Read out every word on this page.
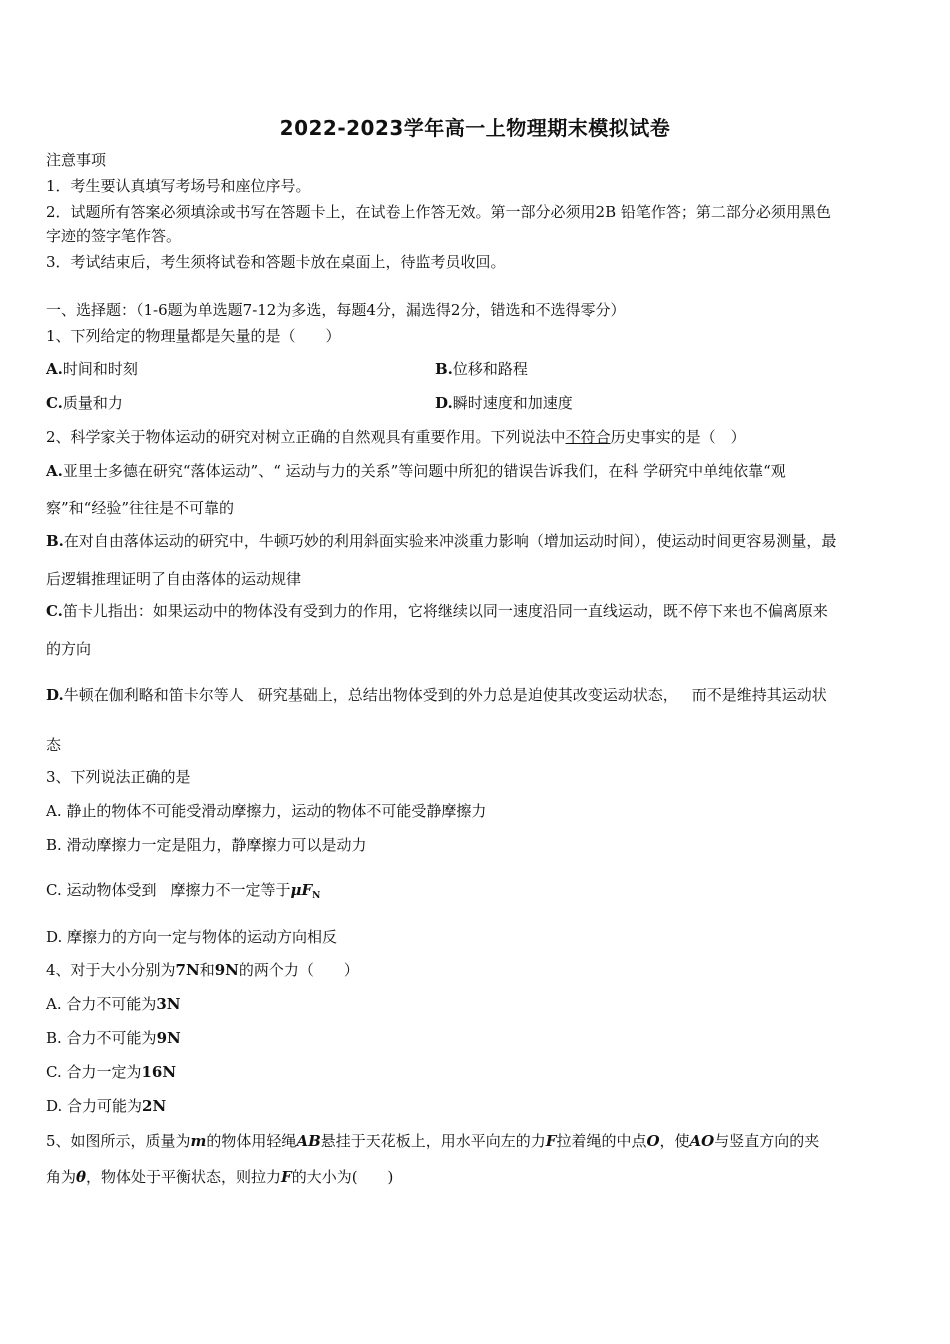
2022-2023学年高一上物理期末模拟试卷
注意事项
1．考生要认真填写考场号和座位序号。
2．试题所有答案必须填涂或书写在答题卡上，在试卷上作答无效。第一部分必须用2B 铅笔作答；第二部分必须用黑色
字迹的签字笔作答。
3．考试结束后，考生须将试卷和答题卡放在桌面上，待监考员收回。
一、选择题：（1-6题为单选题7-12为多选，每题4分，漏选得2分，错选和不选得零分）
1、下列给定的物理量都是矢量的是（　　）
A.时间和时刻	B.位移和路程
C.质量和力	D.瞬时速度和加速度
2、科学家关于物体运动的研究对树立正确的自然观具有重要作用。下列说法中不符合历史事实的是（　）
A.亚里士多德在研究“落体运动”、“ 运动与力的关系”等问题中所犯的错误告诉我们，在科 学研究中单纯依靠“观
察”和“经验”往往是不可靠的
B.在对自由落体运动的研究中，牛顿巧妙的利用斜面实验来冲淡重力影响（增加运动时间），使运动时间更容易测量，最
后逻辑推理证明了自由落体的运动规律
C.笛卡儿指出：如果运动中的物体没有受到力的作用，它将继续以同一速度沿同一直线运动，既不停下来也不偏离原来
的方向
D.牛顿在伽利略和笛卡尔等人 研究基础上，总结出物体受到的外力总是迫使其改变运动状态， 而不是维持其运动状
态
3、下列说法正确的是
A. 静止的物体不可能受滑动摩擦力，运动的物体不可能受静摩擦力
B. 滑动摩擦力一定是阻力，静摩擦力可以是动力
C. 运动物体受到 摩擦力不一定等于$\mu F_N$
D. 摩擦力的方向一定与物体的运动方向相反
4、对于大小分别为7N和9N的两个力（　　）
A. 合力不可能为3N
B. 合力不可能为9N
C. 合力一定为16N
D. 合力可能为2N
5、如图所示，质量为m的物体用轻绳AB悬挂于天花板上，用水平向左的力F拉着绳的中点O，使AO与竖直方向的夹
角为θ，物体处于平衡状态，则拉力F的大小为(　　)
